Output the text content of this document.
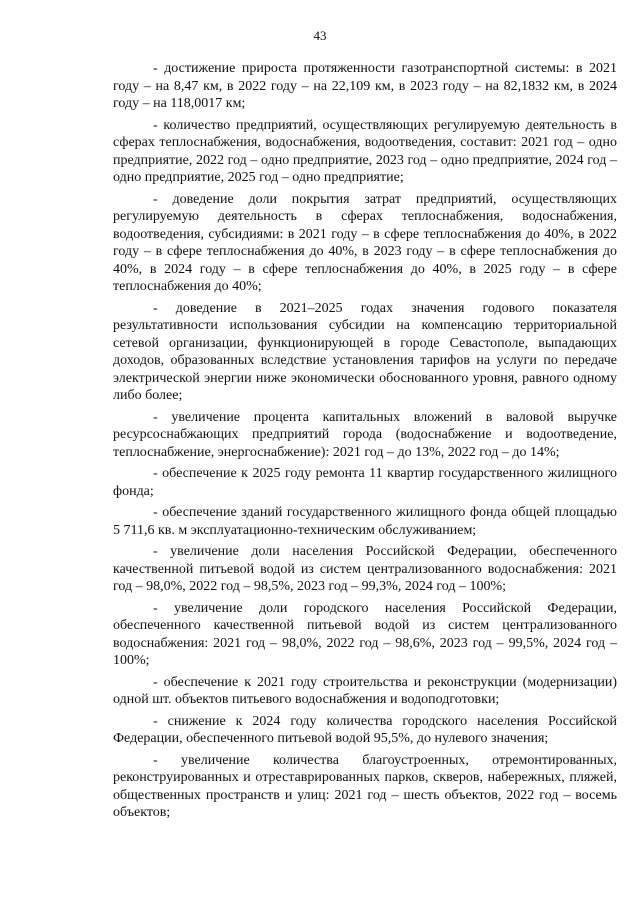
43

- достижение прироста протяженности газотранспортной системы: в 2021 году – на 8,47 км, в 2022 году – на 22,109 км, в 2023 году – на 82,1832 км, в 2024 году – на 118,0017 км;

- количество предприятий, осуществляющих регулируемую деятельность в сферах теплоснабжения, водоснабжения, водоотведения, составит: 2021 год – одно предприятие, 2022 год – одно предприятие, 2023 год – одно предприятие, 2024 год – одно предприятие, 2025 год – одно предприятие;

- доведение доли покрытия затрат предприятий, осуществляющих регулируемую деятельность в сферах теплоснабжения, водоснабжения, водоотведения, субсидиями: в 2021 году – в сфере теплоснабжения до 40%, в 2022 году – в сфере теплоснабжения до 40%, в 2023 году – в сфере теплоснабжения до 40%, в 2024 году – в сфере теплоснабжения до 40%, в 2025 году – в сфере теплоснабжения до 40%;

- доведение в 2021–2025 годах значения годового показателя результативности использования субсидии на компенсацию территориальной сетевой организации, функционирующей в городе Севастополе, выпадающих доходов, образованных вследствие установления тарифов на услуги по передаче электрической энергии ниже экономически обоснованного уровня, равного одному либо более;

- увеличение процента капитальных вложений в валовой выручке ресурсоснабжающих предприятий города (водоснабжение и водоотведение, теплоснабжение, энергоснабжение): 2021 год – до 13%, 2022 год – до 14%;

- обеспечение к 2025 году ремонта 11 квартир государственного жилищного фонда;

- обеспечение зданий государственного жилищного фонда общей площадью 5 711,6 кв. м эксплуатационно-техническим обслуживанием;

- увеличение доли населения Российской Федерации, обеспеченного качественной питьевой водой из систем централизованного водоснабжения: 2021 год – 98,0%, 2022 год – 98,5%, 2023 год – 99,3%, 2024 год – 100%;

- увеличение доли городского населения Российской Федерации, обеспеченного качественной питьевой водой из систем централизованного водоснабжения: 2021 год – 98,0%, 2022 год – 98,6%, 2023 год – 99,5%, 2024 год – 100%;

- обеспечение к 2021 году строительства и реконструкции (модернизации) одной шт. объектов питьевого водоснабжения и водоподготовки;

- снижение к 2024 году количества городского населения Российской Федерации, обеспеченного питьевой водой 95,5%, до нулевого значения;

- увеличение количества благоустроенных, отремонтированных, реконструированных и отреставрированных парков, скверов, набережных, пляжей, общественных пространств и улиц: 2021 год – шесть объектов, 2022 год – восемь объектов;
